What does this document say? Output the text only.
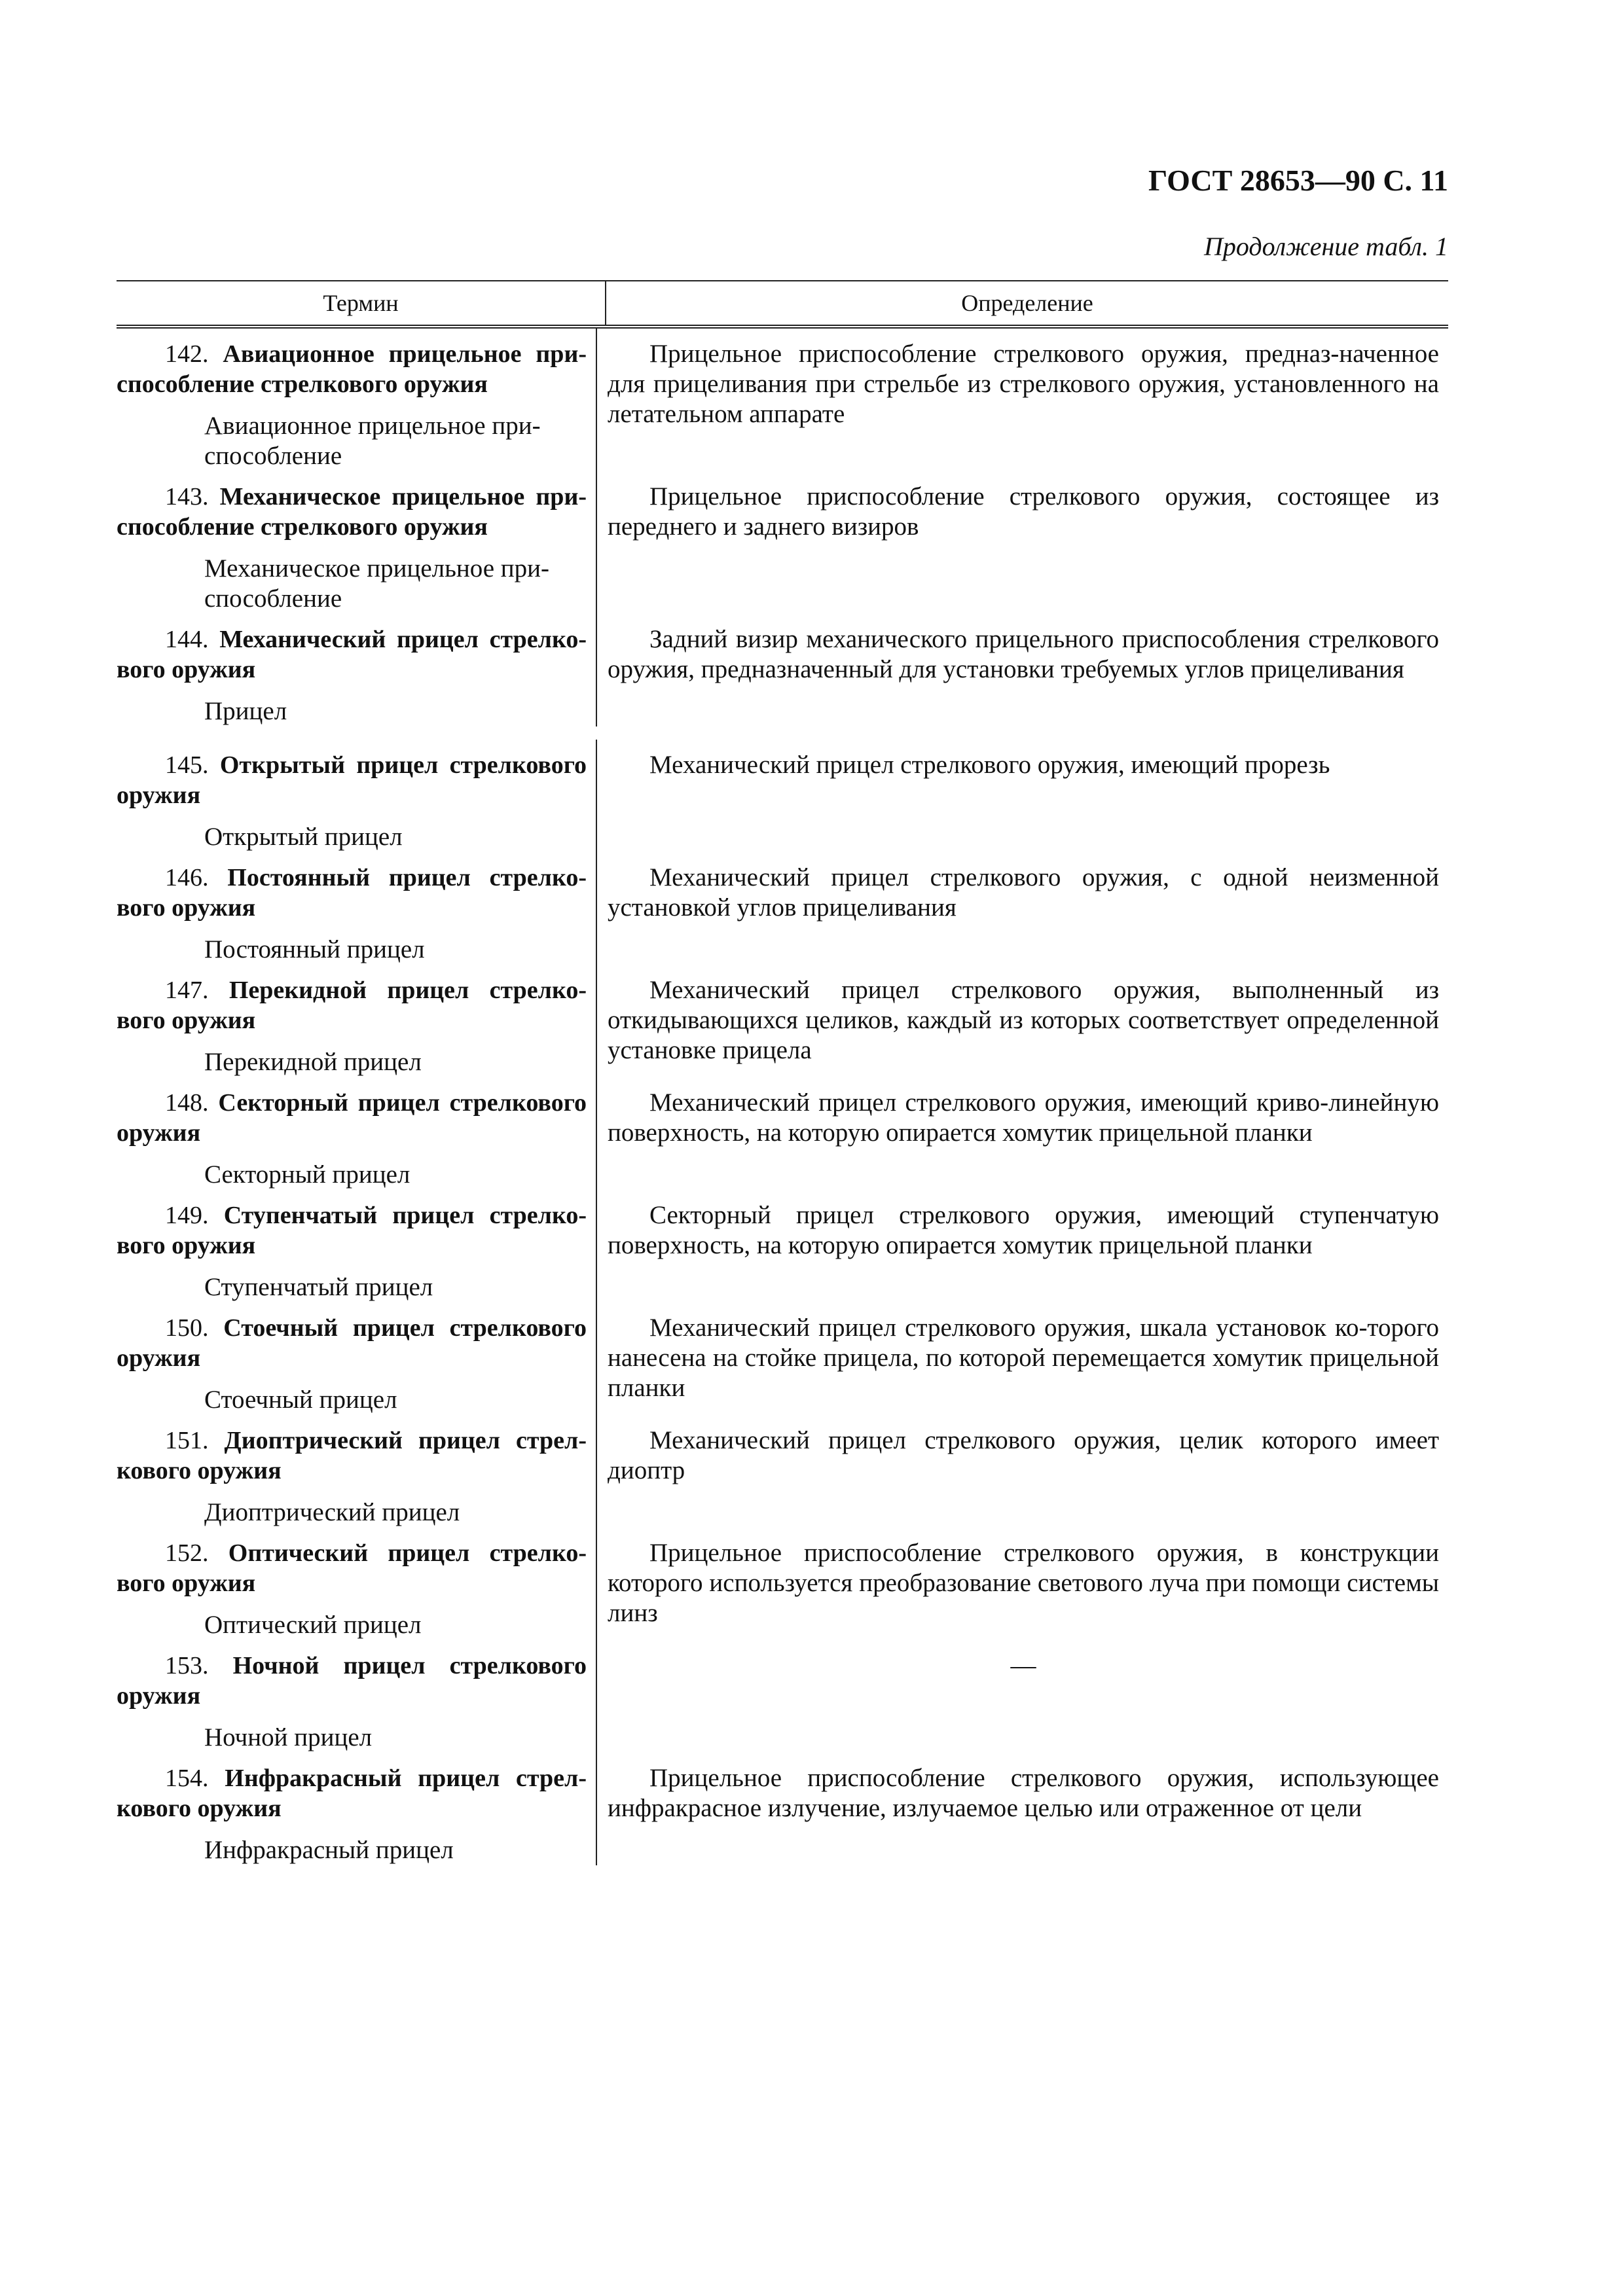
ГОСТ 28653—90 С. 11
Продолжение табл. 1
Термин	Определение

142. Авиационное прицельное при-способление стрелкового оружия

Авиационное прицельное при-способление

Прицельное приспособление стрелкового оружия, предназ-наченное для прицеливания при стрельбе из стрелкового оружия, установленного на летательном аппарате

143. Механическое прицельное при-способление стрелкового оружия

Механическое прицельное при-способление

Прицельное приспособление стрелкового оружия, состоящее из переднего и заднего визиров

144. Механический прицел стрелко-вого оружия

Прицел

Задний визир механического прицельного приспособления стрелкового оружия, предназначенный для установки требуемых углов прицеливания

145. Открытый прицел стрелкового оружия

Открытый прицел

Механический прицел стрелкового оружия, имеющий прорезь

146. Постоянный прицел стрелко-вого оружия

Постоянный прицел

Механический прицел стрелкового оружия, с одной неизменной установкой углов прицеливания

147. Перекидной прицел стрелко-вого оружия

Перекидной прицел

Механический прицел стрелкового оружия, выполненный из откидывающихся целиков, каждый из которых соответствует определенной установке прицела

148. Секторный прицел стрелкового оружия

Секторный прицел

Механический прицел стрелкового оружия, имеющий криво-линейную поверхность, на которую опирается хомутик прицельной планки

149. Ступенчатый прицел стрелко-вого оружия

Ступенчатый прицел

Секторный прицел стрелкового оружия, имеющий ступенчатую поверхность, на которую опирается хомутик прицельной планки

150. Стоечный прицел стрелкового оружия

Стоечный прицел

Механический прицел стрелкового оружия, шкала установок ко-торого нанесена на стойке прицела, по которой перемещается хомутик прицельной планки

151. Диоптрический прицел стрел-кового оружия

Диоптрический прицел

Механический прицел стрелкового оружия, целик которого имеет диоптр

152. Оптический прицел стрелко-вого оружия

Оптический прицел

Прицельное приспособление стрелкового оружия, в конструкции которого используется преобразование светового луча при помощи системы линз

153. Ночной прицел стрелкового оружия

Ночной прицел

—

154. Инфракрасный прицел стрел-кового оружия

Инфракрасный прицел

Прицельное приспособление стрелкового оружия, использующее инфракрасное излучение, излучаемое целью или отраженное от цели
